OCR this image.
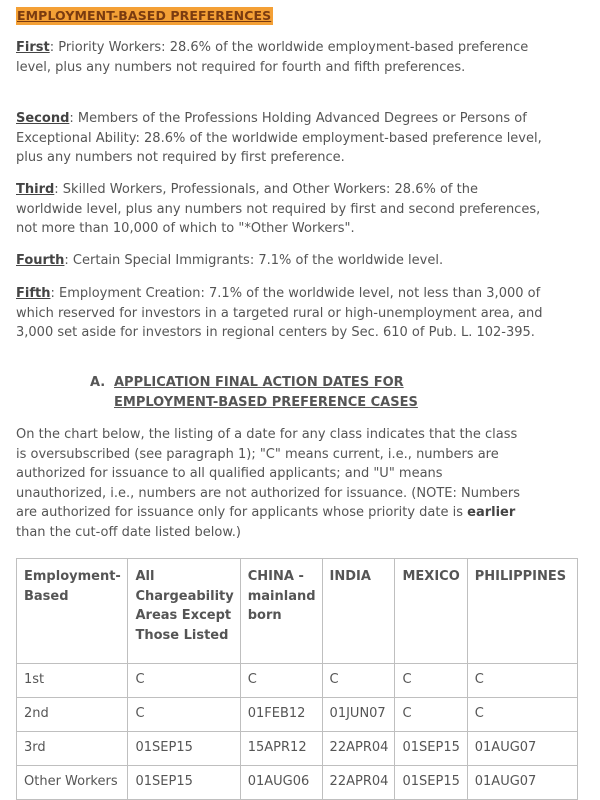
EMPLOYMENT-BASED PREFERENCES

First: Priority Workers: 28.6% of the worldwide employment-based preference level, plus any numbers not required for fourth and fifth preferences.

Second: Members of the Professions Holding Advanced Degrees or Persons of Exceptional Ability: 28.6% of the worldwide employment-based preference level, plus any numbers not required by first preference.

Third: Skilled Workers, Professionals, and Other Workers: 28.6% of the worldwide level, plus any numbers not required by first and second preferences, not more than 10,000 of which to "*Other Workers".

Fourth: Certain Special Immigrants: 7.1% of the worldwide level.

Fifth: Employment Creation: 7.1% of the worldwide level, not less than 3,000 of which reserved for investors in a targeted rural or high-unemployment area, and 3,000 set aside for investors in regional centers by Sec. 610 of Pub. L. 102-395.

A. APPLICATION FINAL ACTION DATES FOR
EMPLOYMENT-BASED PREFERENCE CASES

On the chart below, the listing of a date for any class indicates that the class is oversubscribed (see paragraph 1); "C" means current, i.e., numbers are authorized for issuance to all qualified applicants; and "U" means unauthorized, i.e., numbers are not authorized for issuance. (NOTE: Numbers are authorized for issuance only for applicants whose priority date is earlier than the cut-off date listed below.)

Employment-Based	All Chargeability Areas Except Those Listed	CHINA - mainland born	INDIA	MEXICO	PHILIPPINES
1st	C	C	C	C	C
2nd	C	01FEB12	01JUN07	C	C
3rd	01SEP15	15APR12	22APR04	01SEP15	01AUG07
Other Workers	01SEP15	01AUG06	22APR04	01SEP15	01AUG07
